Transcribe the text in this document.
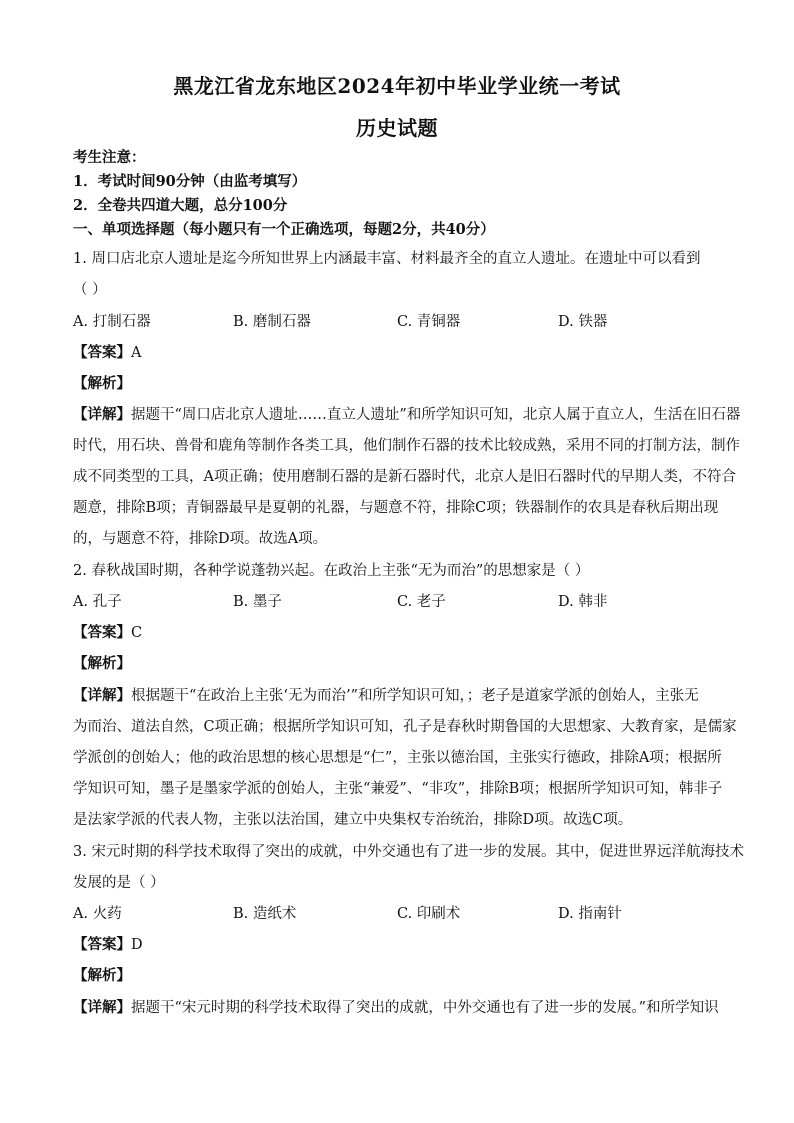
黑龙江省龙东地区2024年初中毕业学业统一考试
历史试题
考生注意：
1．考试时间90分钟（由监考填写）
2．全卷共四道大题，总分100分
一、单项选择题（每小题只有一个正确选项，每题2分，共40分）
1. 周口店北京人遗址是迄今所知世界上内涵最丰富、材料最齐全的直立人遗址。在遗址中可以看到
（ ）
A. 打制石器	B. 磨制石器	C. 青铜器	D. 铁器
【答案】A
【解析】
【详解】据题干“周口店北京人遗址……直立人遗址”和所学知识可知，北京人属于直立人，生活在旧石器
时代，用石块、兽骨和鹿角等制作各类工具，他们制作石器的技术比较成熟，采用不同的打制方法，制作
成不同类型的工具，A项正确；使用磨制石器的是新石器时代，北京人是旧石器时代的早期人类，不符合
题意，排除B项；青铜器最早是夏朝的礼器，与题意不符，排除C项；铁器制作的农具是春秋后期出现
的，与题意不符，排除D项。故选A项。
2. 春秋战国时期，各种学说蓬勃兴起。在政治上主张“无为而治”的思想家是（ ）
A. 孔子	B. 墨子	C. 老子	D. 韩非
【答案】C
【解析】
【详解】根据题干“在政治上主张‘无为而治’”和所学知识可知，；老子是道家学派的创始人，主张无
为而治、道法自然，C项正确；根据所学知识可知，孔子是春秋时期鲁国的大思想家、大教育家，是儒家
学派创的创始人；他的政治思想的核心思想是“仁”，主张以德治国，主张实行德政，排除A项；根据所
学知识可知，墨子是墨家学派的创始人，主张“兼爱”、“非攻”，排除B项；根据所学知识可知，韩非子
是法家学派的代表人物，主张以法治国，建立中央集权专治统治，排除D项。故选C项。
3. 宋元时期的科学技术取得了突出的成就，中外交通也有了进一步的发展。其中，促进世界远洋航海技术
发展的是（ ）
A. 火药	B. 造纸术	C. 印刷术	D. 指南针
【答案】D
【解析】
【详解】据题干“宋元时期的科学技术取得了突出的成就，中外交通也有了进一步的发展。”和所学知识
